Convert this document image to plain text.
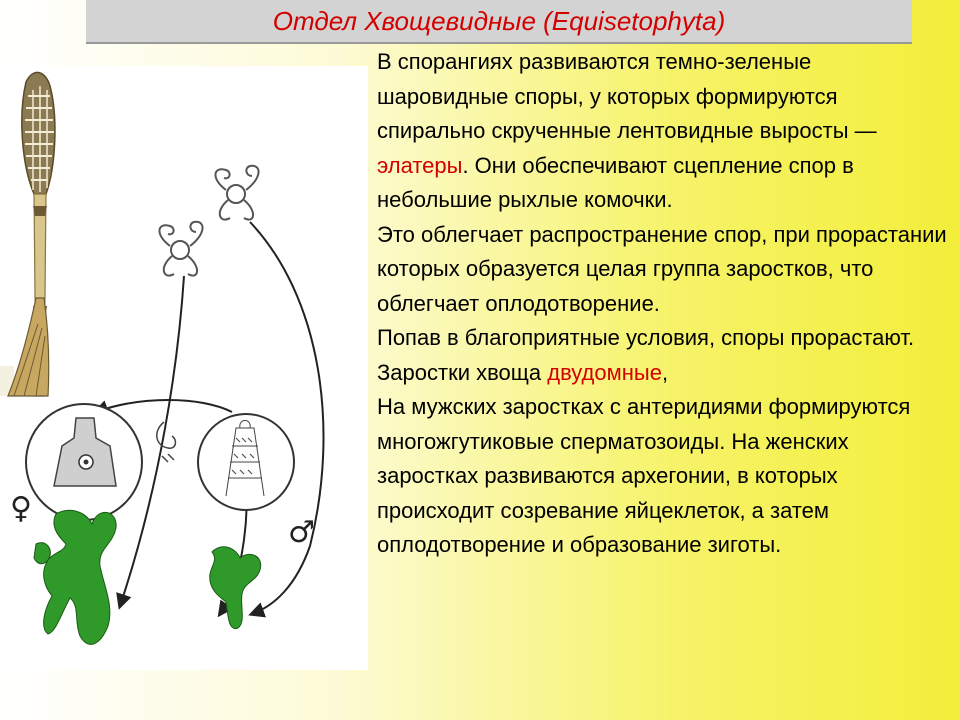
Отдел Хвощевидные (Equisetophyta)
♀
♂

В спорангиях развиваются темно-зеленые шаровидные споры, у которых формируются спирально скрученные лентовидные выросты — элатеры. Они обеспечивают сцепление спор в небольшие рыхлые комочки.

Это облегчает распространение спор, при прорастании которых образуется целая группа заростков, что облегчает оплодотворение.

Попав в благоприятные условия, споры прорастают. Заростки хвоща двудомные,

На мужских заростках с антеридиями формируются многожгутиковые сперматозоиды. На женских заростках развиваются архегонии, в которых происходит созревание яйцеклеток, а затем оплодотворение и образование зиготы.
